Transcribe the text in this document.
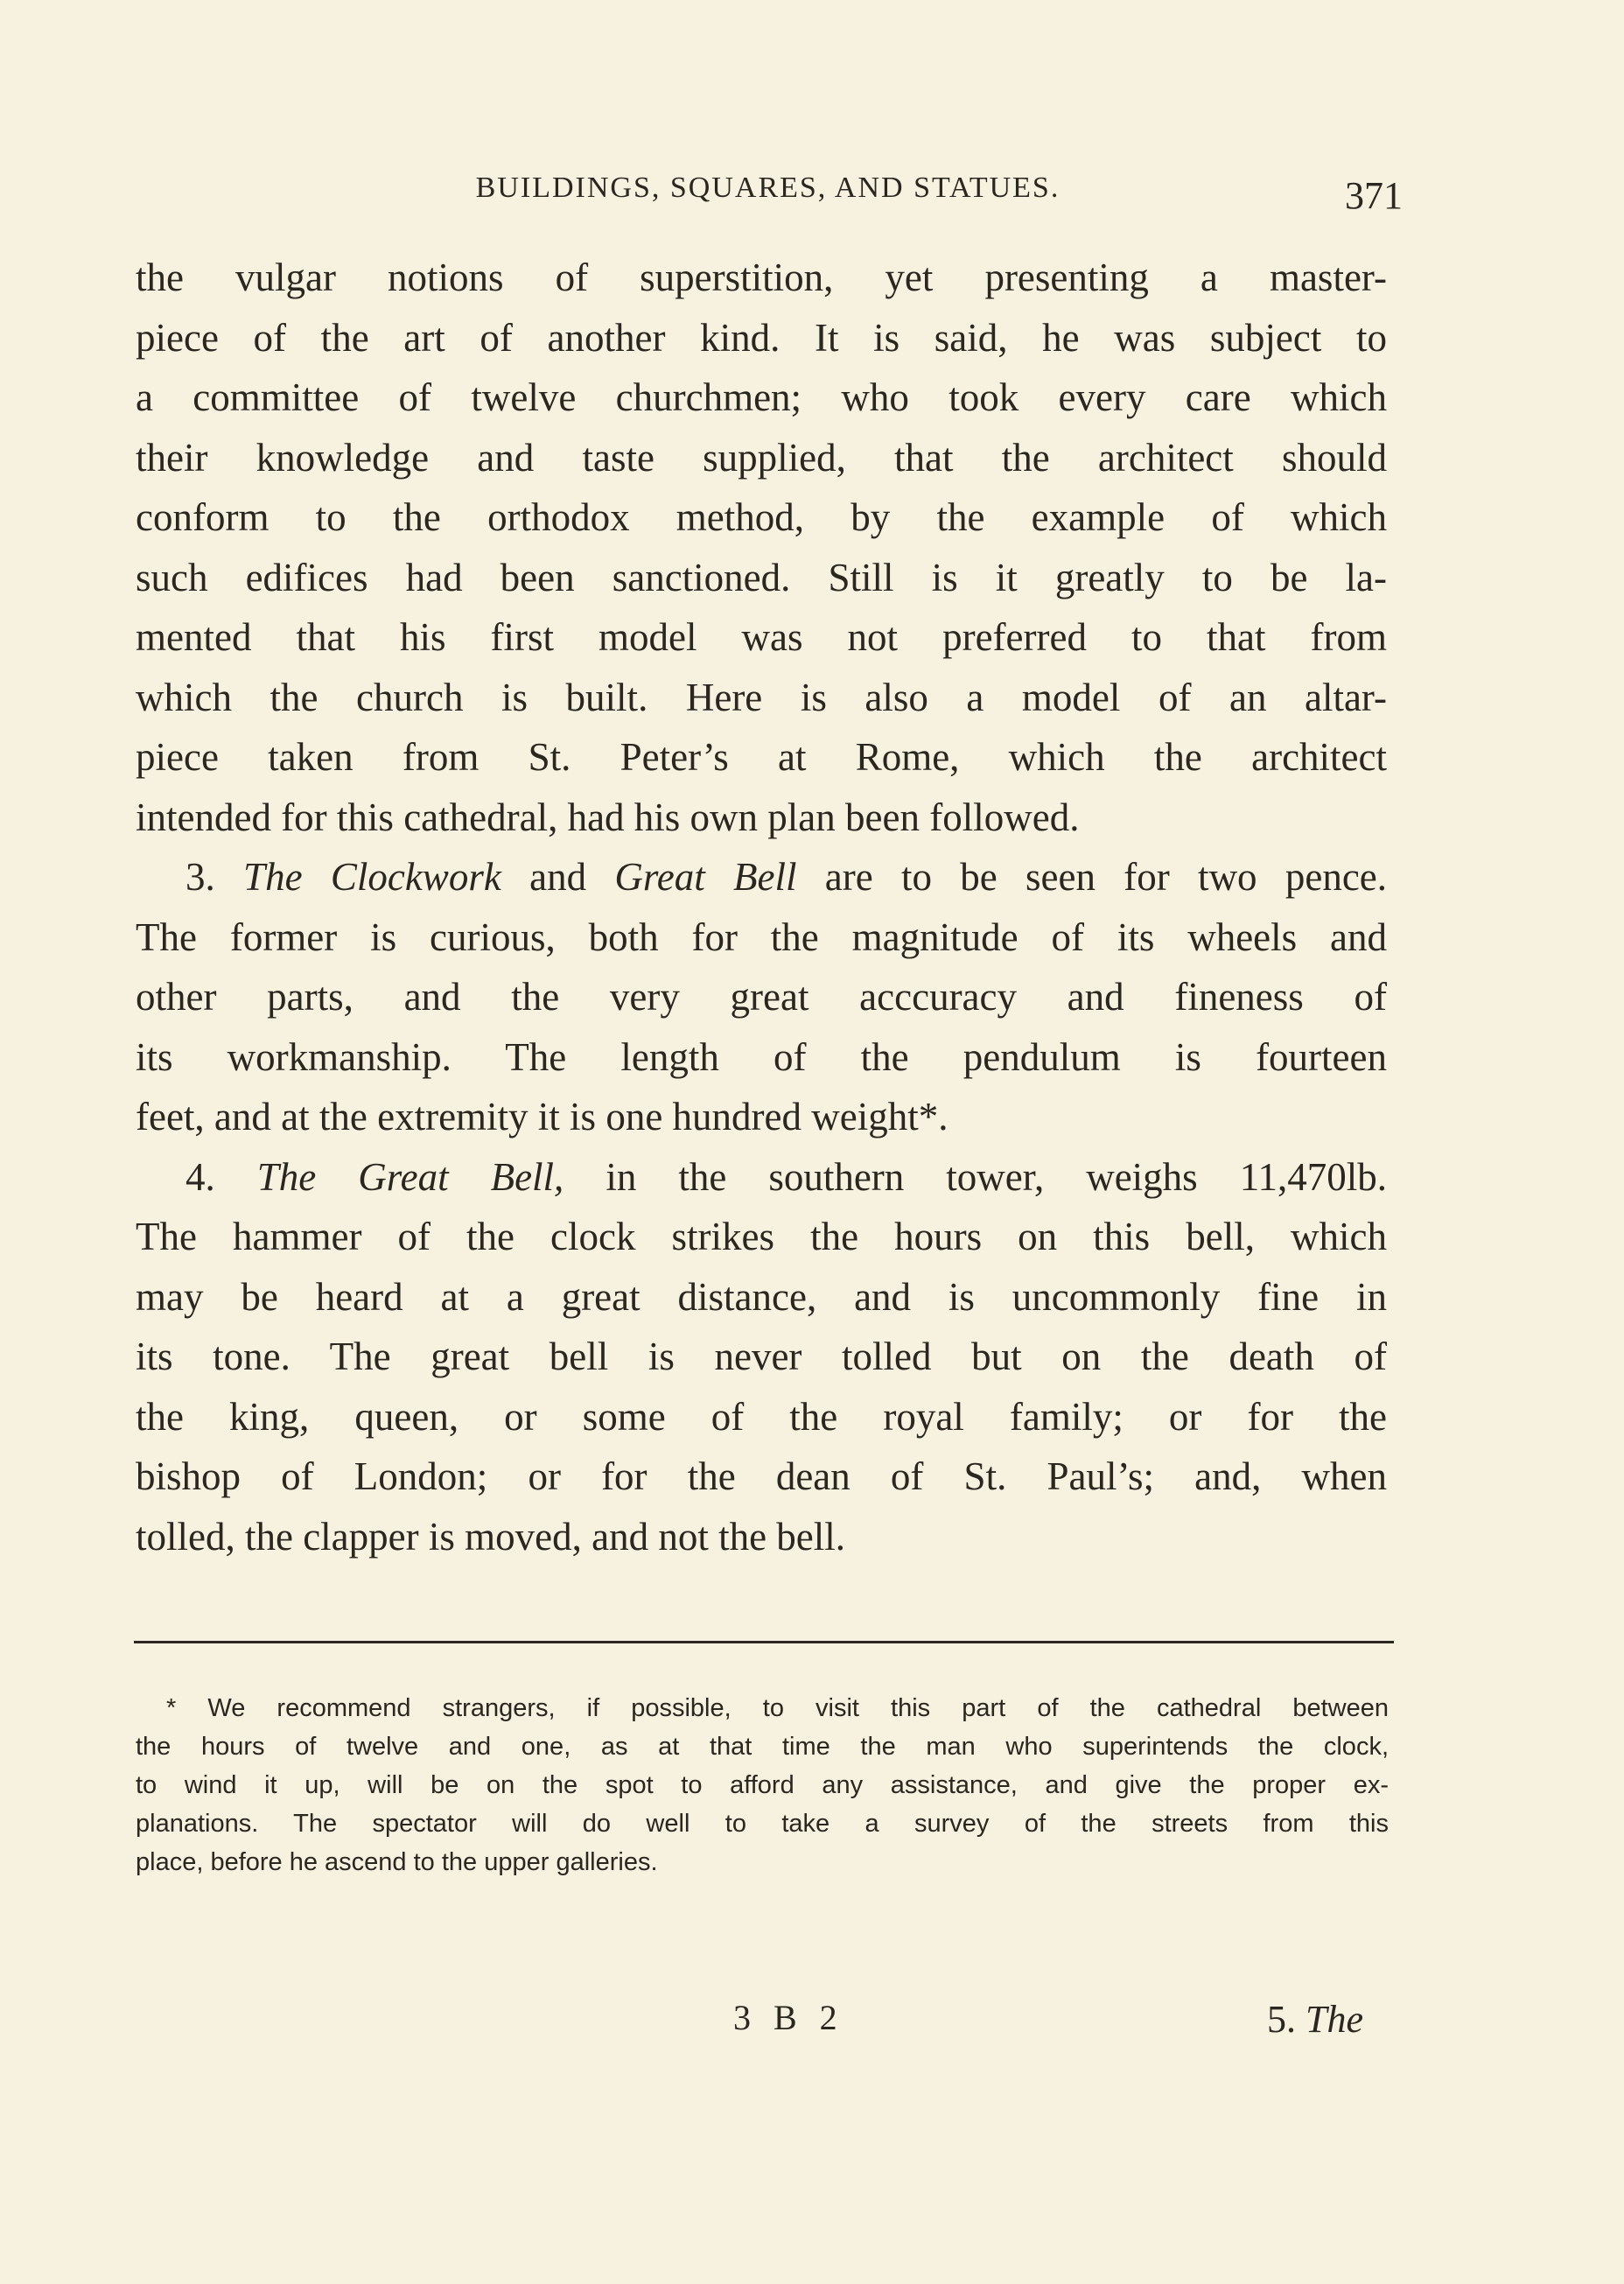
BUILDINGS, SQUARES, AND STATUES.	371
the vulgar notions of superstition, yet presenting a master-
piece of the art of another kind. It is said, he was subject to
a committee of twelve churchmen; who took every care which
their knowledge and taste supplied, that the architect should
conform to the orthodox method, by the example of which
such edifices had been sanctioned. Still is it greatly to be la-
mented that his first model was not preferred to that from
which the church is built. Here is also a model of an altar-
piece taken from St. Peter’s at Rome, which the architect
intended for this cathedral, had his own plan been followed.
3. The Clockwork and Great Bell are to be seen for two pence.
The former is curious, both for the magnitude of its wheels and
other parts, and the very great acccuracy and fineness of
its workmanship. The length of the pendulum is fourteen
feet, and at the extremity it is one hundred weight*.
4. The Great Bell, in the southern tower, weighs 11,470lb.
The hammer of the clock strikes the hours on this bell, which
may be heard at a great distance, and is uncommonly fine in
its tone. The great bell is never tolled but on the death of
the king, queen, or some of the royal family; or for the
bishop of London; or for the dean of St. Paul’s; and, when
tolled, the clapper is moved, and not the bell.
* We recommend strangers, if possible, to visit this part of the cathedral between
the hours of twelve and one, as at that time the man who superintends the clock,
to wind it up, will be on the spot to afford any assistance, and give the proper ex-
planations. The spectator will do well to take a survey of the streets from this
place, before he ascend to the upper galleries.
3 B 2	5. The
